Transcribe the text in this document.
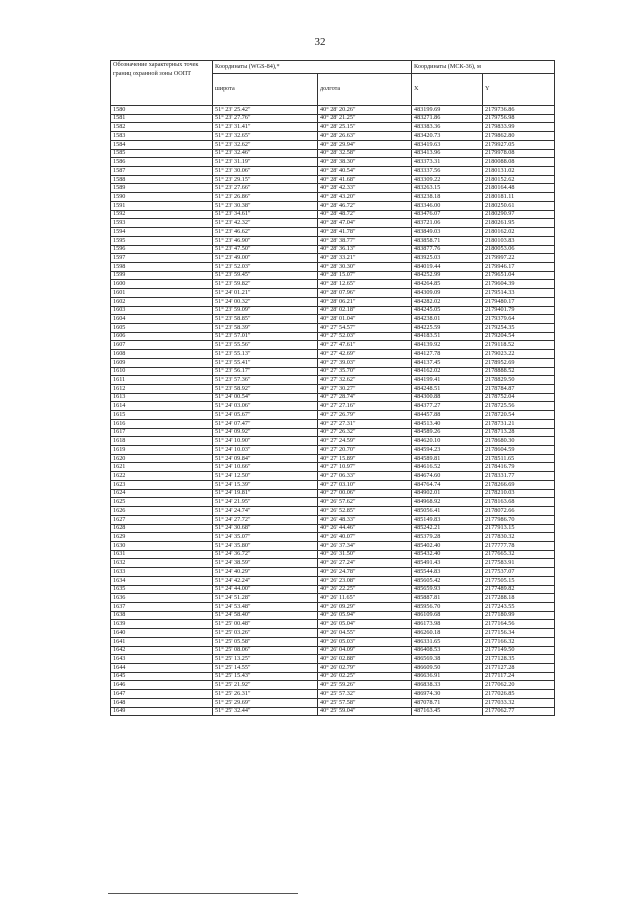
32
Обозначение характерных точек границ охранной зоны ООПТ	Координаты (WGS-84),*		Координаты (МСК-36), м	
	широта	долгота	X	Y
1580	51° 23' 25.42"	40° 28' 20.26"	483199.69	2179736.86
1581	51° 23' 27.76"	40° 28' 21.25"	483271.86	2179756.98
1582	51° 23' 31.41"	40° 28' 25.15"	483383.36	2179833.99
1583	51° 23' 32.65"	40° 28' 26.63"	483420.73	2179862.80
1584	51° 23' 32.62"	40° 28' 29.94"	483419.63	2179927.05
1585	51° 23' 32.46"	40° 28' 32.58"	483413.96	2179978.08
1586	51° 23' 31.19"	40° 28' 38.30"	483373.31	2180088.08
1587	51° 23' 30.06"	40° 28' 40.54"	483337.56	2180131.02
1588	51° 23' 29.15"	40° 28' 41.68"	483309.22	2180152.62
1589	51° 23' 27.66"	40° 28' 42.33"	483263.15	2180164.48
1590	51° 23' 26.86"	40° 28' 43.20"	483238.18	2180181.11
1591	51° 23' 30.38"	40° 28' 46.72"	483346.00	2180250.61
1592	51° 23' 34.61"	40° 28' 48.72"	483476.07	2180290.97
1593	51° 23' 42.32"	40° 28' 47.04"	483721.06	2180261.95
1594	51° 23' 46.62"	40° 28' 41.78"	483849.03	2180162.02
1595	51° 23' 46.90"	40° 28' 38.77"	483858.71	2180103.83
1596	51° 23' 47.50"	40° 28' 36.13"	483877.76	2180053.06
1597	51° 23' 49.00"	40° 28' 33.21"	483925.03	2179997.22
1598	51° 23' 52.03"	40° 28' 30.30"	484019.44	2179946.17
1599	51° 23' 59.45"	40° 28' 15.07"	484252.99	2179651.04
1600	51° 23' 59.82"	40° 28' 12.65"	484264.85	2179604.39
1601	51° 24' 01.21"	40° 28' 07.96"	484309.09	2179514.33
1602	51° 24' 00.32"	40° 28' 06.21"	484282.02	2179480.17
1603	51° 23' 59.09"	40° 28' 02.18"	484245.05	2179401.79
1604	51° 23' 58.85"	40° 28' 01.04"	484238.01	2179379.64
1605	51° 23' 58.39"	40° 27' 54.57"	484225.59	2179254.35
1606	51° 23' 57.01"	40° 27' 52.03"	484183.51	2179204.54
1607	51° 23' 55.56"	40° 27' 47.61"	484139.92	2179118.52
1608	51° 23' 55.13"	40° 27' 42.69"	484127.78	2179023.22
1609	51° 23' 55.41"	40° 27' 39.03"	484137.45	2178952.69
1610	51° 23' 56.17"	40° 27' 35.70"	484162.02	2178888.52
1611	51° 23' 57.36"	40° 27' 32.62"	484199.41	2178829.50
1612	51° 23' 58.92"	40° 27' 30.27"	484248.51	2178784.87
1613	51° 24' 00.54"	40° 27' 28.74"	484300.88	2178752.04
1614	51° 24' 03.06"	40° 27' 27.16"	484377.27	2178725.56
1615	51° 24' 05.67"	40° 27' 26.79"	484457.88	2178720.54
1616	51° 24' 07.47"	40° 27' 27.31"	484513.40	2178731.21
1617	51° 24' 09.92"	40° 27' 26.32"	484589.26	2178713.28
1618	51° 24' 10.90"	40° 27' 24.59"	484620.10	2178680.30
1619	51° 24' 10.03"	40° 27' 20.70"	484594.23	2178604.59
1620	51° 24' 09.84"	40° 27' 15.89"	484589.81	2178511.65
1621	51° 24' 10.66"	40° 27' 10.97"	484616.52	2178416.79
1622	51° 24' 12.50"	40° 27' 06.33"	484674.60	2178331.77
1623	51° 24' 15.39"	40° 27' 03.10"	484764.74	2178266.69
1624	51° 24' 19.81"	40° 27' 00.06"	484902.01	2178210.03
1625	51° 24' 21.95"	40° 26' 57.62"	484968.92	2178163.68
1626	51° 24' 24.74"	40° 26' 52.85"	485056.41	2178072.66
1627	51° 24' 27.72"	40° 26' 48.33"	485149.83	2177986.70
1628	51° 24' 30.68"	40° 26' 44.46"	485242.21	2177913.15
1629	51° 24' 35.07"	40° 26' 40.07"	485379.28	2177830.32
1630	51° 24' 35.80"	40° 26' 37.34"	485402.40	2177777.78
1631	51° 24' 36.72"	40° 26' 31.50"	485432.40	2177665.32
1632	51° 24' 38.59"	40° 26' 27.24"	485491.43	2177583.91
1633	51° 24' 40.29"	40° 26' 24.78"	485544.83	2177537.07
1634	51° 24' 42.24"	40° 26' 23.08"	485605.42	2177505.15
1635	51° 24' 44.00"	40° 26' 22.25"	485659.93	2177489.82
1636	51° 24' 51.28"	40° 26' 11.65"	485887.81	2177288.18
1637	51° 24' 53.48"	40° 26' 09.29"	485956.70	2177243.55
1638	51° 24' 58.40"	40° 26' 05.94"	486109.68	2177180.99
1639	51° 25' 00.48"	40° 26' 05.04"	486173.98	2177164.56
1640	51° 25' 03.26"	40° 26' 04.55"	486260.18	2177156.34
1641	51° 25' 05.58"	40° 26' 05.03"	486331.65	2177166.32
1642	51° 25' 08.06"	40° 26' 04.09"	486408.53	2177149.50
1643	51° 25' 13.25"	40° 26' 02.88"	486569.38	2177128.35
1644	51° 25' 14.55"	40° 26' 02.79"	486609.50	2177127.28
1645	51° 25' 15.43"	40° 26' 02.25"	486636.91	2177117.24
1646	51° 25' 21.92"	40° 25' 59.26"	486838.33	2177062.20
1647	51° 25' 26.31"	40° 25' 57.32"	486974.30	2177026.85
1648	51° 25' 29.69"	40° 25' 57.58"	487078.71	2177033.32
1649	51° 25' 32.44"	40° 25' 59.04"	487163.45	2177062.77
